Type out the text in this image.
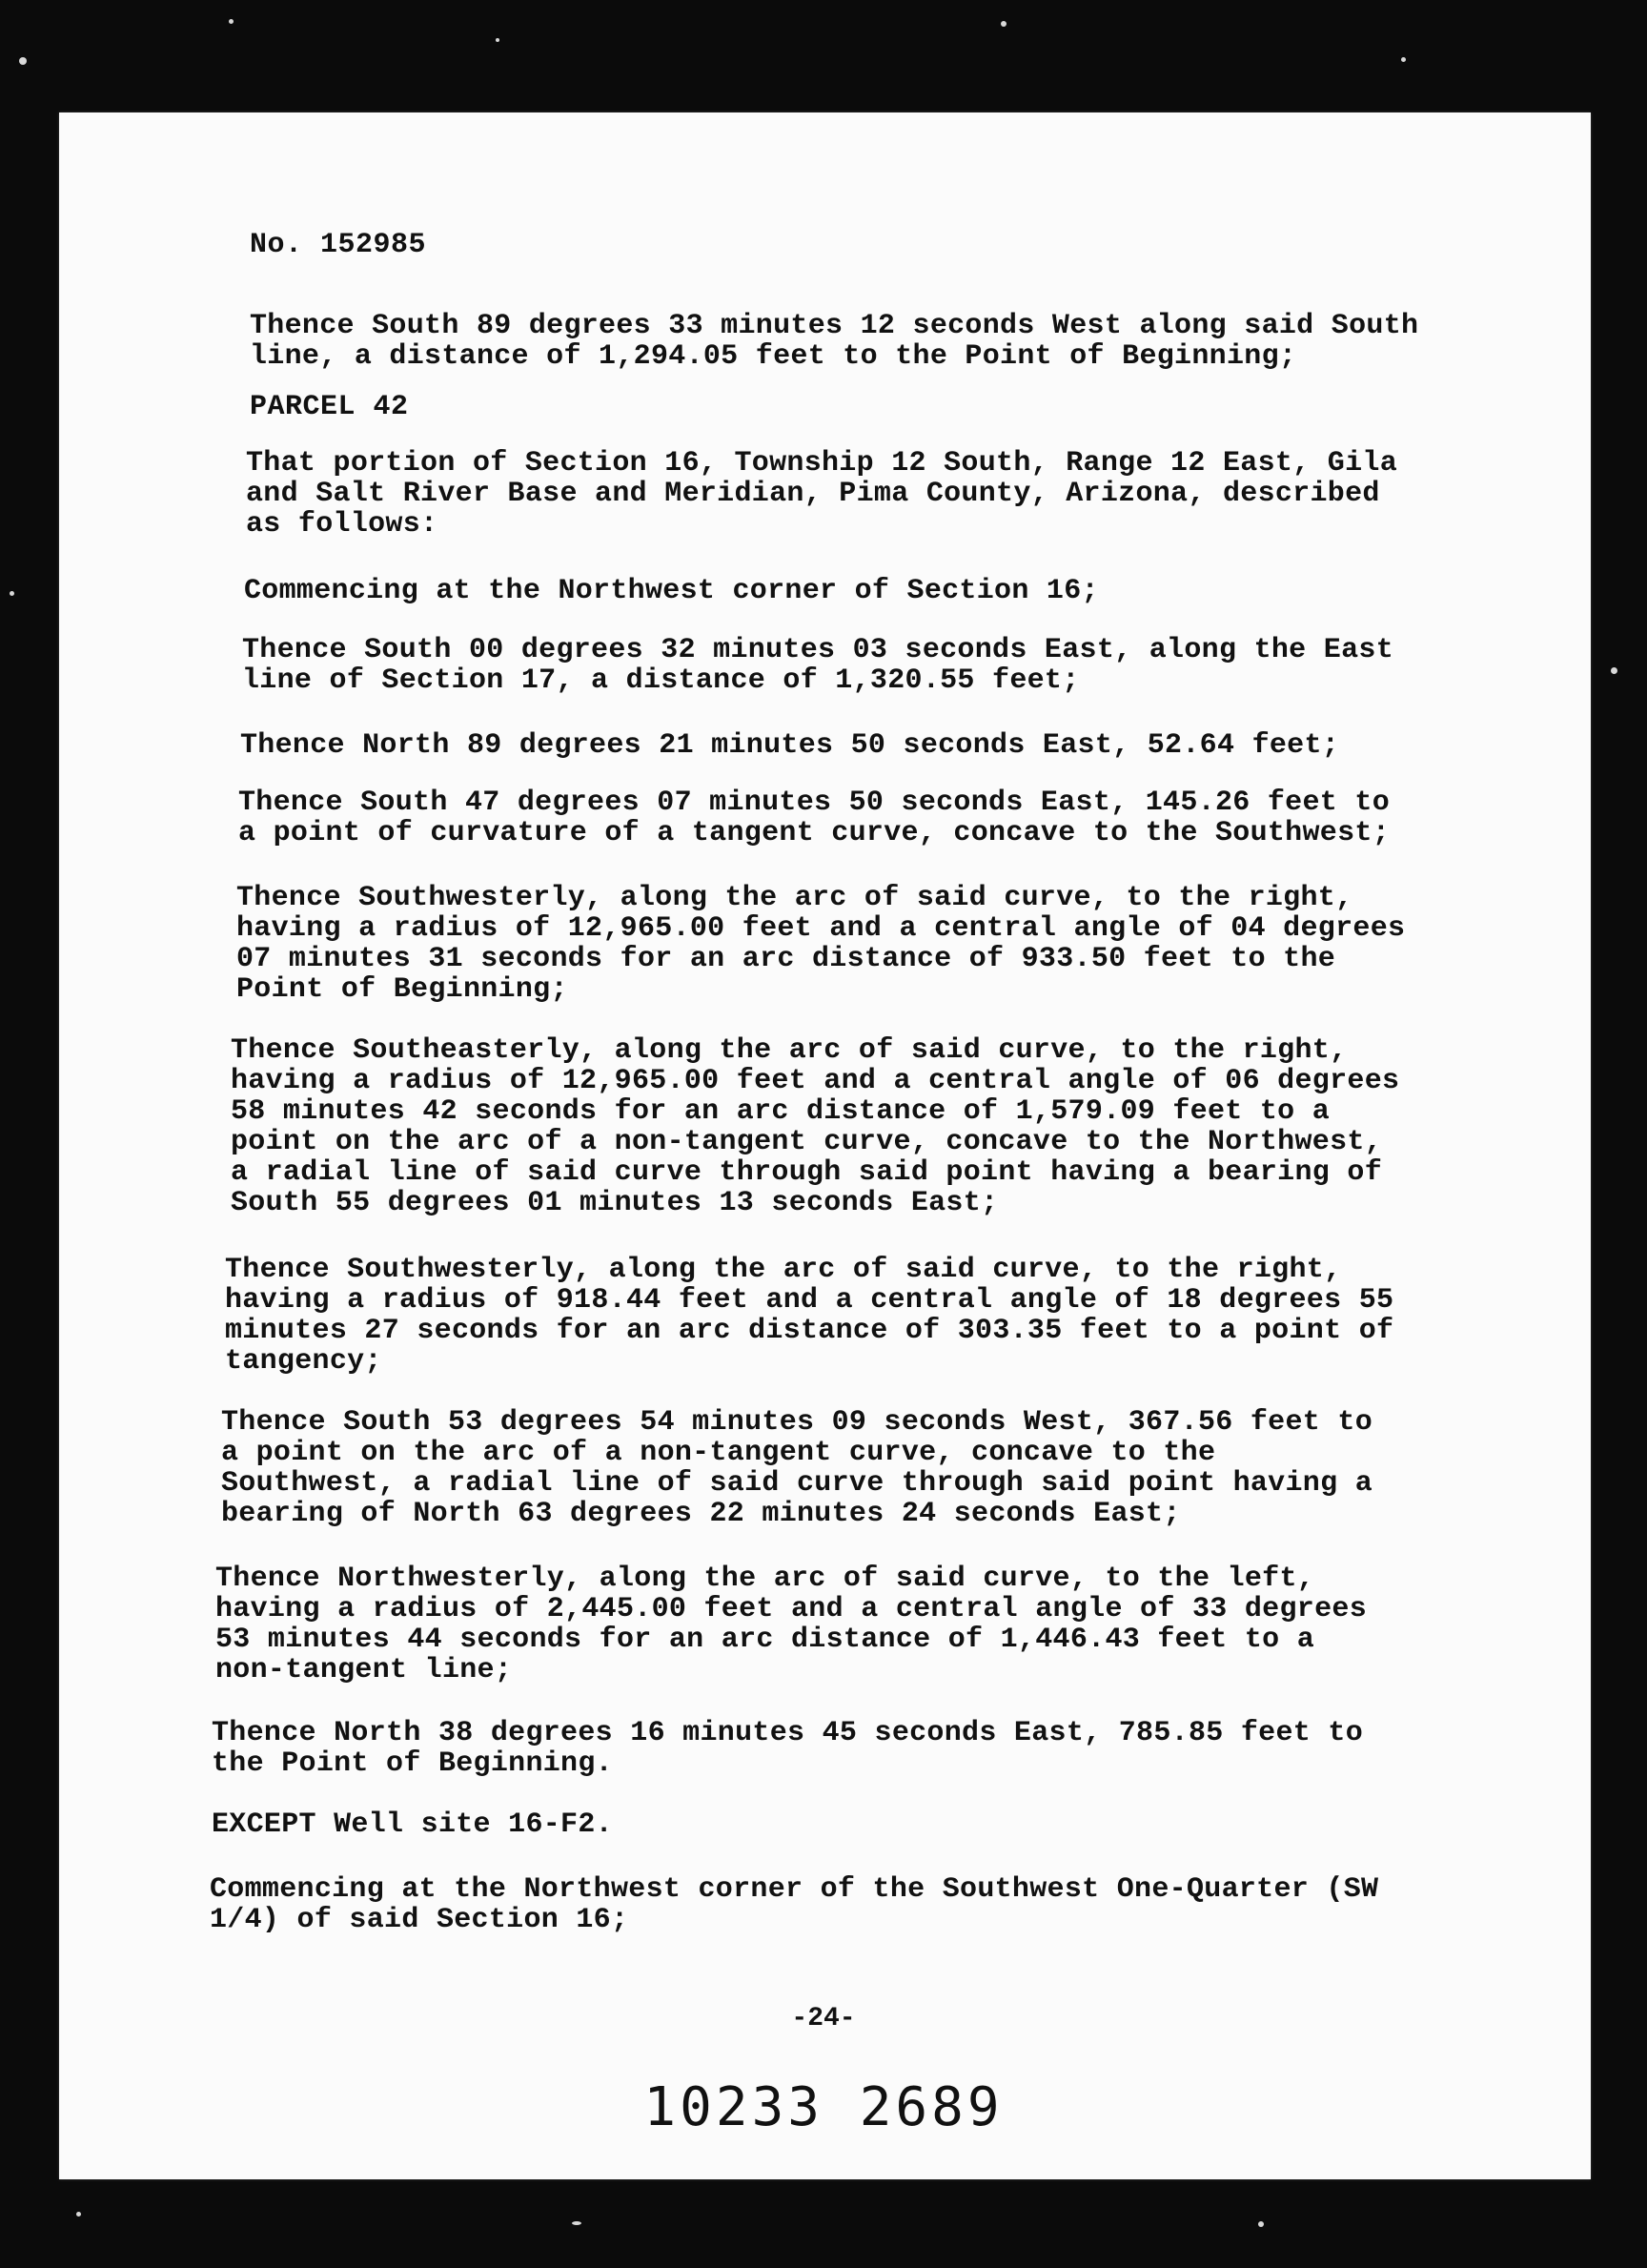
No. 152985
Thence South 89 degrees 33 minutes 12 seconds West along said South
line, a distance of 1,294.05 feet to the Point of Beginning;
PARCEL 42
That portion of Section 16, Township 12 South, Range 12 East, Gila
and Salt River Base and Meridian, Pima County, Arizona, described
as follows:
Commencing at the Northwest corner of Section 16;
Thence South 00 degrees 32 minutes 03 seconds East, along the East
line of Section 17, a distance of 1,320.55 feet;
Thence North 89 degrees 21 minutes 50 seconds East, 52.64 feet;
Thence South 47 degrees 07 minutes 50 seconds East, 145.26 feet to
a point of curvature of a tangent curve, concave to the Southwest;
Thence Southwesterly, along the arc of said curve, to the right,
having a radius of 12,965.00 feet and a central angle of 04 degrees
07 minutes 31 seconds for an arc distance of 933.50 feet to the
Point of Beginning;
Thence Southeasterly, along the arc of said curve, to the right,
having a radius of 12,965.00 feet and a central angle of 06 degrees
58 minutes 42 seconds for an arc distance of 1,579.09 feet to a
point on the arc of a non-tangent curve, concave to the Northwest,
a radial line of said curve through said point having a bearing of
South 55 degrees 01 minutes 13 seconds East;
Thence Southwesterly, along the arc of said curve, to the right,
having a radius of 918.44 feet and a central angle of 18 degrees 55
minutes 27 seconds for an arc distance of 303.35 feet to a point of
tangency;
Thence South 53 degrees 54 minutes 09 seconds West, 367.56 feet to
a point on the arc of a non-tangent curve, concave to the
Southwest, a radial line of said curve through said point having a
bearing of North 63 degrees 22 minutes 24 seconds East;
Thence Northwesterly, along the arc of said curve, to the left,
having a radius of 2,445.00 feet and a central angle of 33 degrees
53 minutes 44 seconds for an arc distance of 1,446.43 feet to a
non-tangent line;
Thence North 38 degrees 16 minutes 45 seconds East, 785.85 feet to
the Point of Beginning.
EXCEPT Well site 16-F2.
Commencing at the Northwest corner of the Southwest One-Quarter (SW
1/4) of said Section 16;
-24-
10233 2689
